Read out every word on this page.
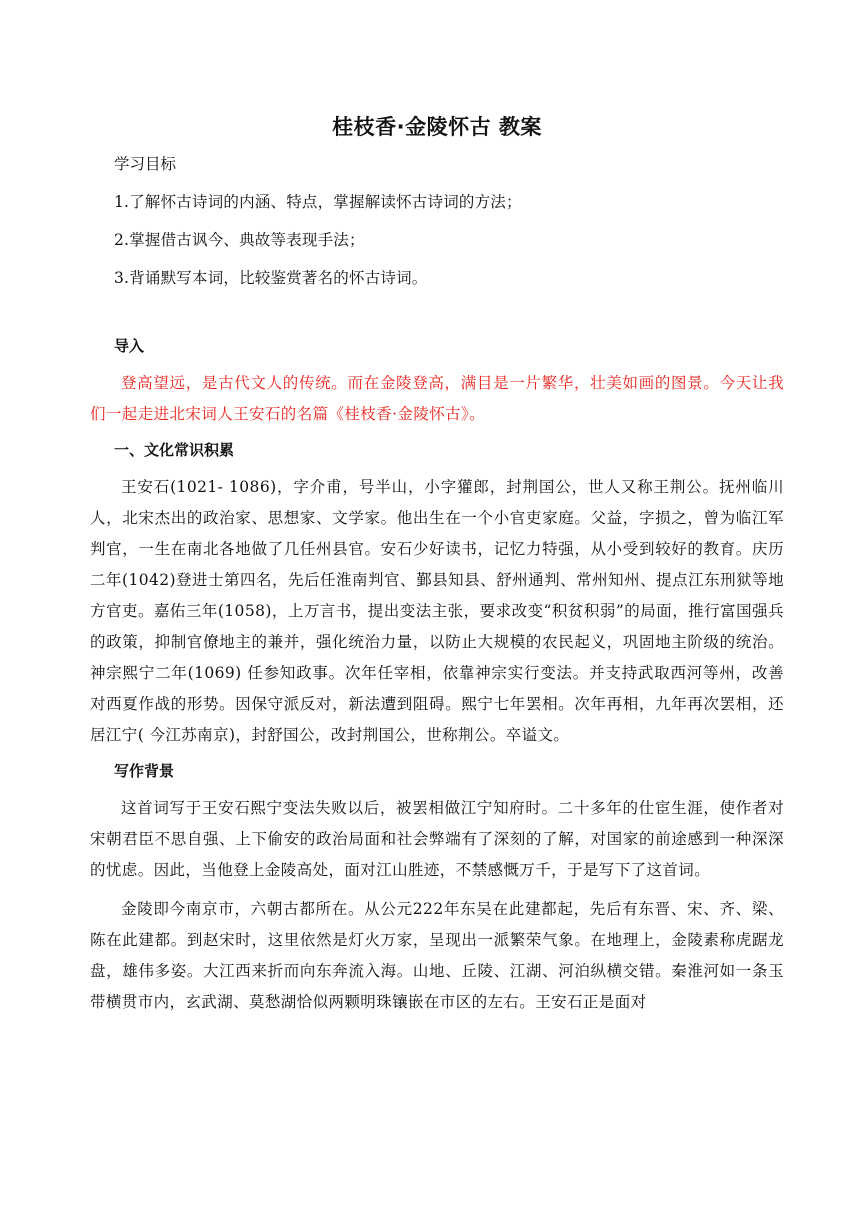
桂枝香·金陵怀古 教案
学习目标
1.了解怀古诗词的内涵、特点，掌握解读怀古诗词的方法；
2.掌握借古讽今、典故等表现手法；
3.背诵默写本词，比较鉴赏著名的怀古诗词。
导入

登高望远，是古代文人的传统。而在金陵登高，满目是一片繁华，壮美如画的图景。今天让我们一起走进北宋词人王安石的名篇《桂枝香·金陵怀古》。

一、文化常识积累

王安石(1021- 1086)，字介甫，号半山，小字獾郎，封荆国公，世人又称王荆公。抚州临川人，北宋杰出的政治家、思想家、文学家。他出生在一个小官吏家庭。父益，字损之，曾为临江军判官，一生在南北各地做了几任州县官。安石少好读书，记忆力特强，从小受到较好的教育。庆历二年(1042)登进士第四名，先后任淮南判官、鄞县知县、舒州通判、常州知州、提点江东刑狱等地方官吏。嘉佑三年(1058)，上万言书，提出变法主张，要求改变“积贫积弱”的局面，推行富国强兵的政策，抑制官僚地主的兼并，强化统治力量，以防止大规模的农民起义，巩固地主阶级的统治。神宗熙宁二年(1069) 任参知政事。次年任宰相，依靠神宗实行变法。并支持武取西河等州，改善对西夏作战的形势。因保守派反对，新法遭到阻碍。熙宁七年罢相。次年再相，九年再次罢相，还居江宁( 今江苏南京)，封舒国公，改封荆国公，世称荆公。卒谥文。

写作背景

这首词写于王安石熙宁变法失败以后，被罢相做江宁知府时。二十多年的仕宦生涯，使作者对宋朝君臣不思自强、上下偷安的政治局面和社会弊端有了深刻的了解，对国家的前途感到一种深深的忧虑。因此，当他登上金陵高处，面对江山胜迹，不禁感慨万千，于是写下了这首词。

金陵即今南京市，六朝古都所在。从公元222年东吴在此建都起，先后有东晋、宋、齐、梁、陈在此建都。到赵宋时，这里依然是灯火万家，呈现出一派繁荣气象。在地理上，金陵素称虎踞龙盘，雄伟多姿。大江西来折而向东奔流入海。山地、丘陵、江湖、河泊纵横交错。秦淮河如一条玉带横贯市内，玄武湖、莫愁湖恰似两颗明珠镶嵌在市区的左右。王安石正是面对
